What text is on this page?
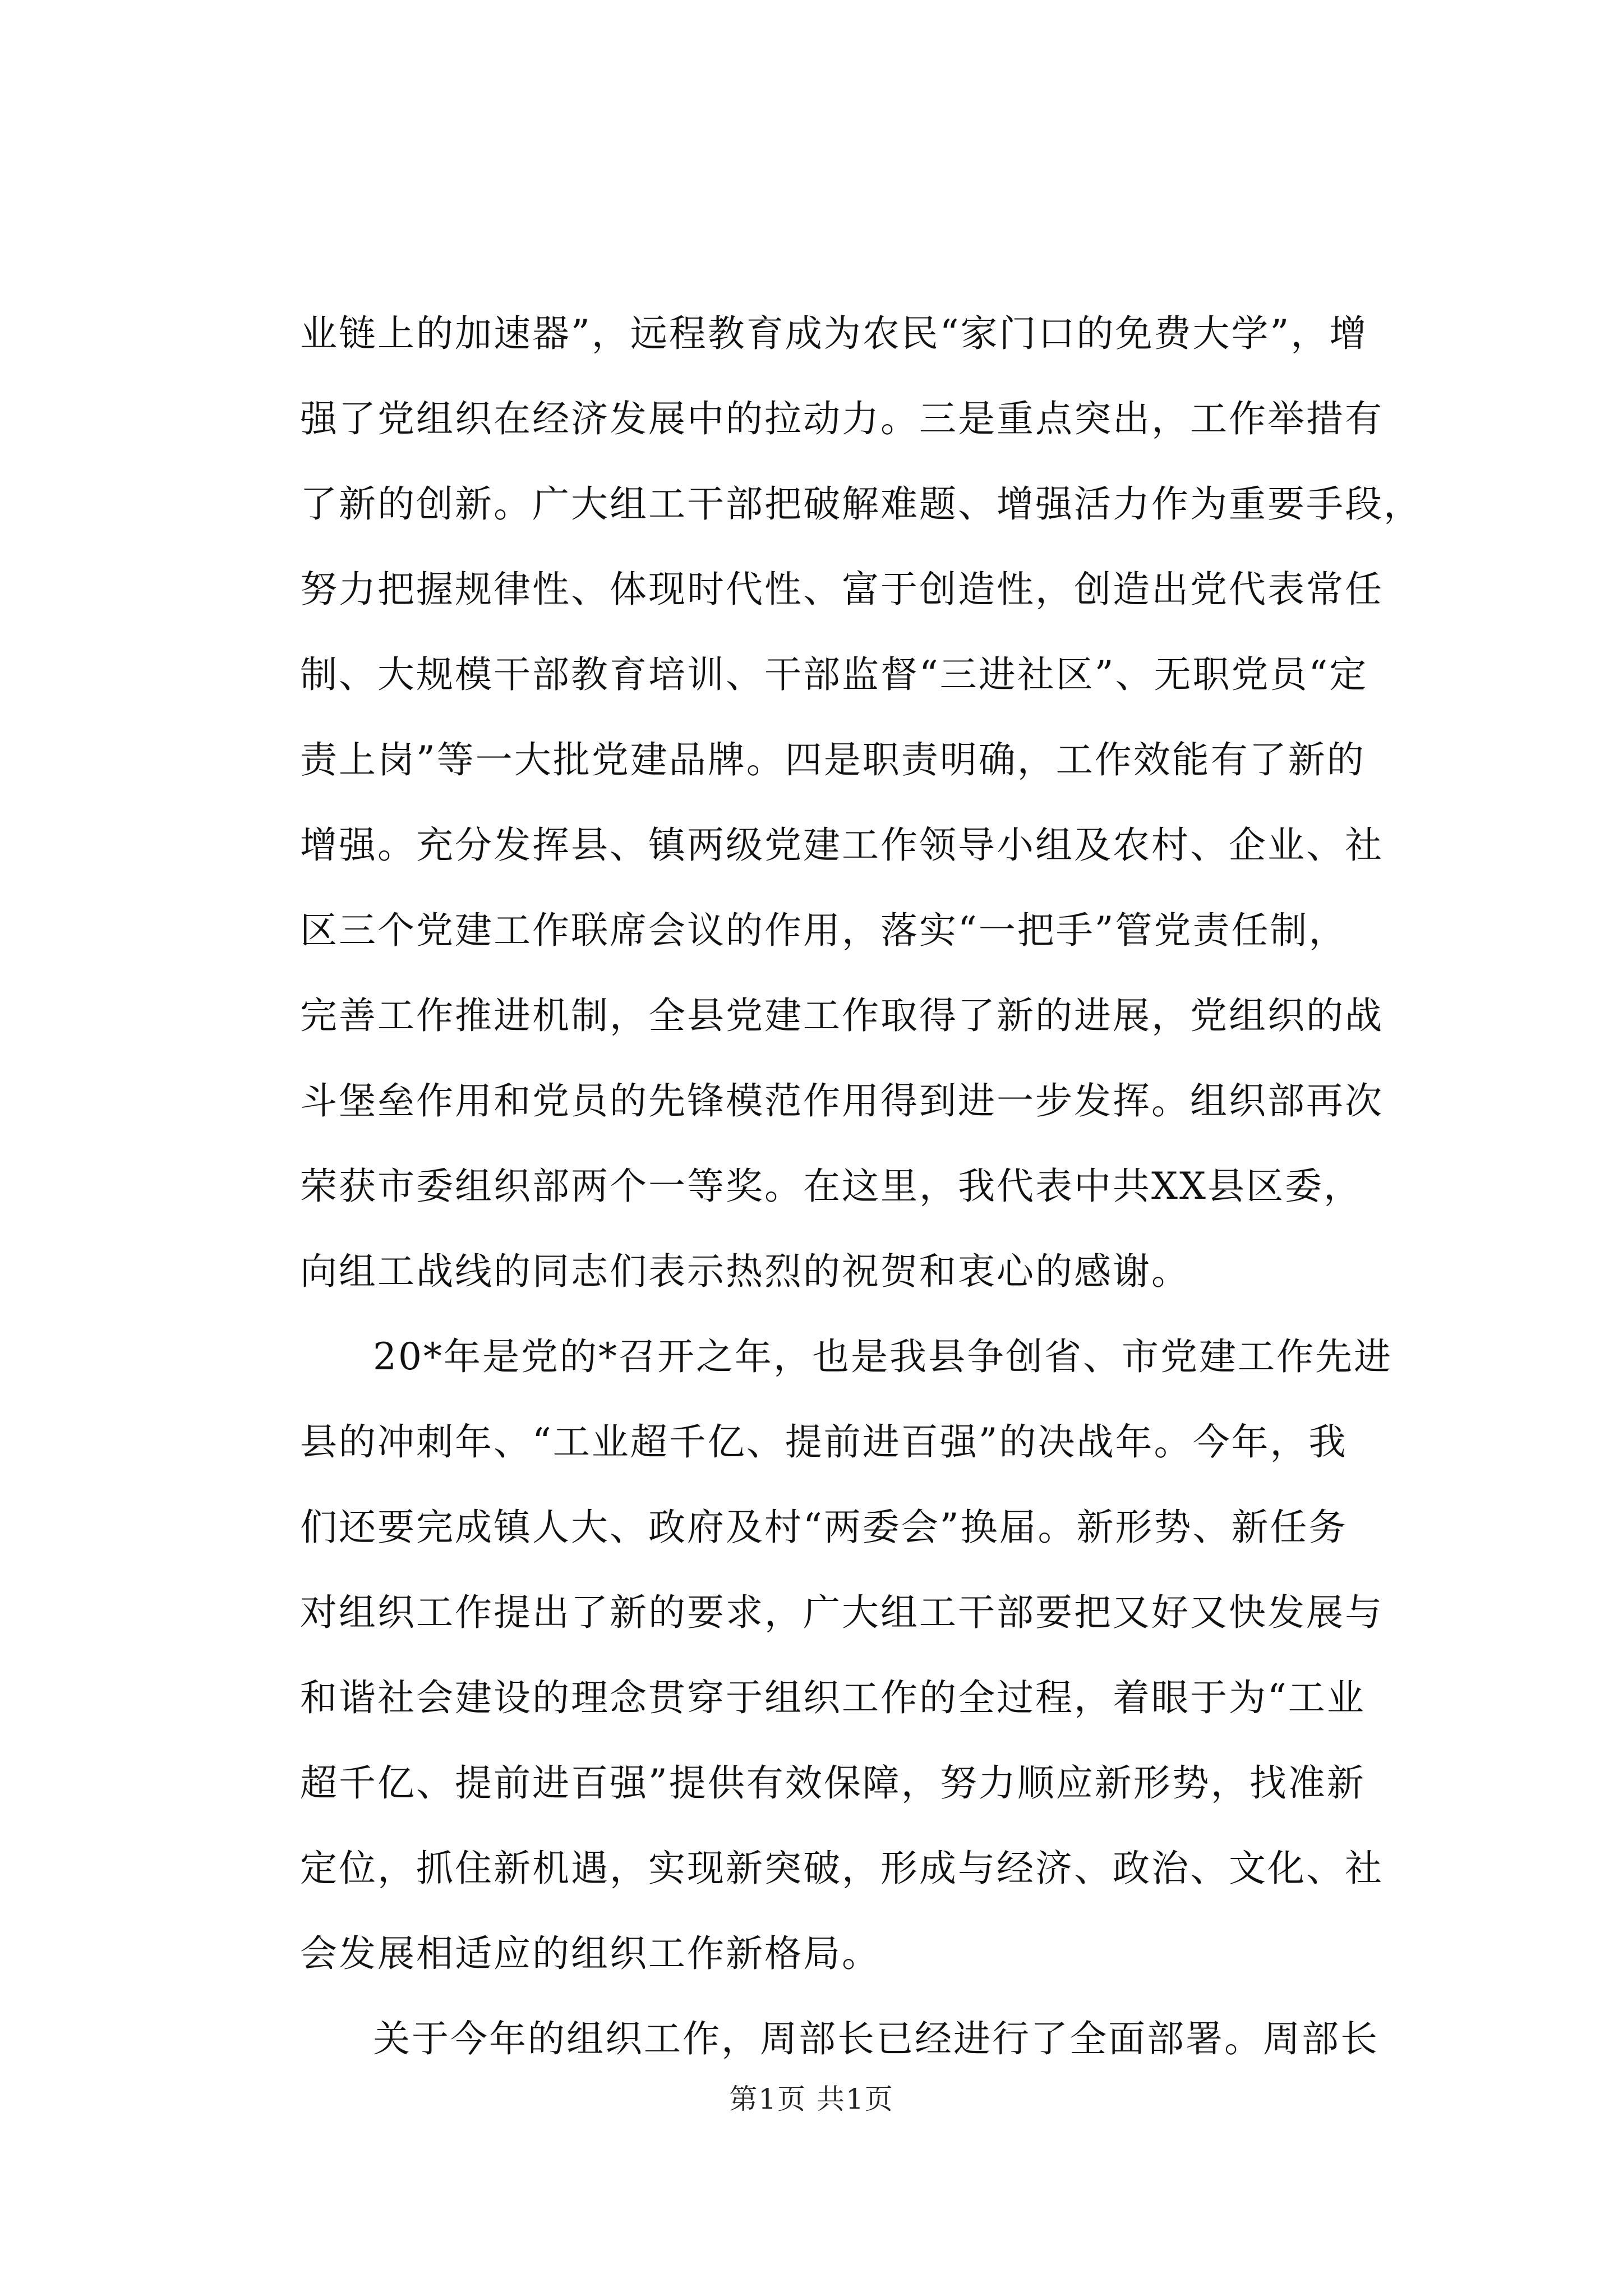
业链上的加速器”，远程教育成为农民“家门口的免费大学”，增
强了党组织在经济发展中的拉动力。三是重点突出，工作举措有
了新的创新。广大组工干部把破解难题、增强活力作为重要手段，
努力把握规律性、体现时代性、富于创造性，创造出党代表常任
制、大规模干部教育培训、干部监督“三进社区”、无职党员“定
责上岗”等一大批党建品牌。四是职责明确，工作效能有了新的
增强。充分发挥县、镇两级党建工作领导小组及农村、企业、社
区三个党建工作联席会议的作用，落实“一把手”管党责任制，
完善工作推进机制，全县党建工作取得了新的进展，党组织的战
斗堡垒作用和党员的先锋模范作用得到进一步发挥。组织部再次
荣获市委组织部两个一等奖。在这里，我代表中共XX县区委，
向组工战线的同志们表示热烈的祝贺和衷心的感谢。
20*年是党的*召开之年，也是我县争创省、市党建工作先进
县的冲刺年、“工业超千亿、提前进百强”的决战年。今年，我
们还要完成镇人大、政府及村“两委会”换届。新形势、新任务
对组织工作提出了新的要求，广大组工干部要把又好又快发展与
和谐社会建设的理念贯穿于组织工作的全过程，着眼于为“工业
超千亿、提前进百强”提供有效保障，努力顺应新形势，找准新
定位，抓住新机遇，实现新突破，形成与经济、政治、文化、社
会发展相适应的组织工作新格局。
关于今年的组织工作，周部长已经进行了全面部署。周部长
第1页 共1页
